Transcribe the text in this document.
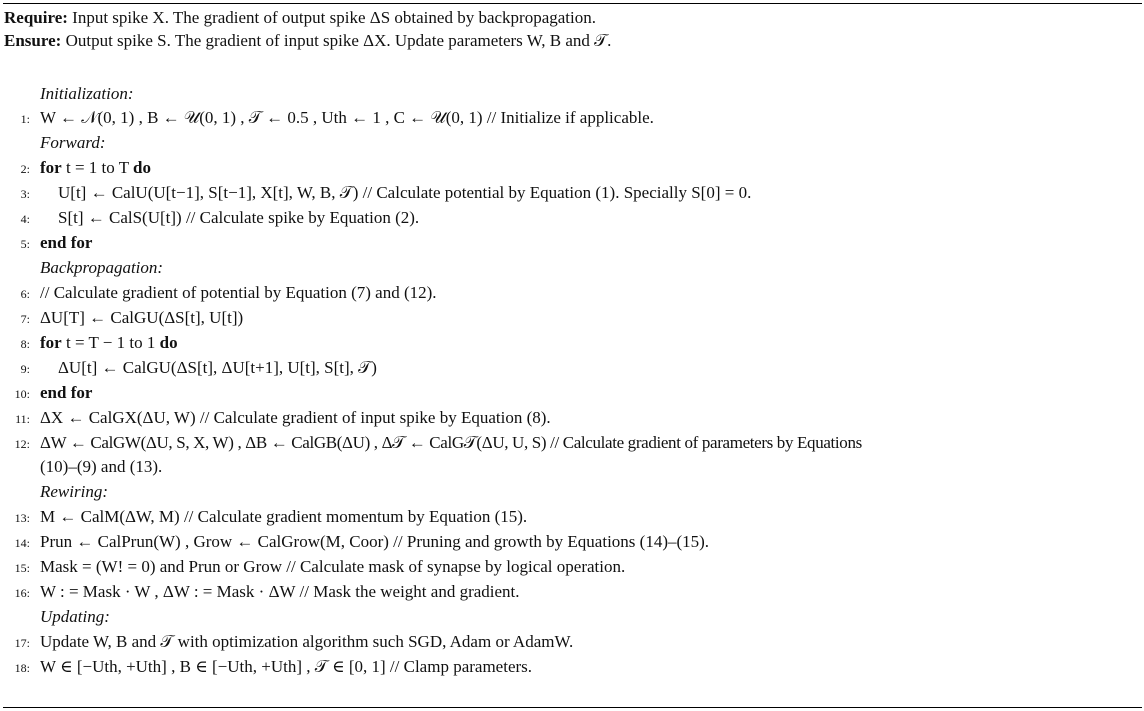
Require: Input spike X. The gradient of output spike ΔS obtained by backpropagation.
Ensure: Output spike S. The gradient of input spike ΔX. Update parameters W, B and 𝒯.
Initialization:
1: W ← 𝒩(0, 1) , B ← 𝒰(0, 1) , 𝒯 ← 0.5 , Uth ← 1 , C ← 𝒰(0, 1) // Initialize if applicable.
Forward:
2: for t = 1 to T do
3: U[t] ← CalU(U[t−1], S[t−1], X[t], W, B, 𝒯) // Calculate potential by Equation (1). Specially S[0] = 0.
4: S[t] ← CalS(U[t]) // Calculate spike by Equation (2).
5: end for
Backpropagation:
6: // Calculate gradient of potential by Equation (7) and (12).
7: ΔU[T] ← CalGU(ΔS[t], U[t])
8: for t = T − 1 to 1 do
9: ΔU[t] ← CalGU(ΔS[t], ΔU[t+1], U[t], S[t], 𝒯)
10: end for
11: ΔX ← CalGX(ΔU, W) // Calculate gradient of input spike by Equation (8).
12: ΔW ← CalGW(ΔU, S, X, W) , ΔB ← CalGB(ΔU) , Δ𝒯 ← CalG𝒯(ΔU, U, S) // Calculate gradient of parameters by Equations
(10)–(9) and (13).
Rewiring:
13: M ← CalM(ΔW, M) // Calculate gradient momentum by Equation (15).
14: Prun ← CalPrun(W) , Grow ← CalGrow(M, Coor) // Pruning and growth by Equations (14)–(15).
15: Mask = (W! = 0) and Prun or Grow // Calculate mask of synapse by logical operation.
16: W : = Mask · W , ΔW : = Mask · ΔW // Mask the weight and gradient.
Updating:
17: Update W, B and 𝒯 with optimization algorithm such SGD, Adam or AdamW.
18: W ∈ [−Uth, +Uth] , B ∈ [−Uth, +Uth] , 𝒯 ∈ [0, 1] // Clamp parameters.
